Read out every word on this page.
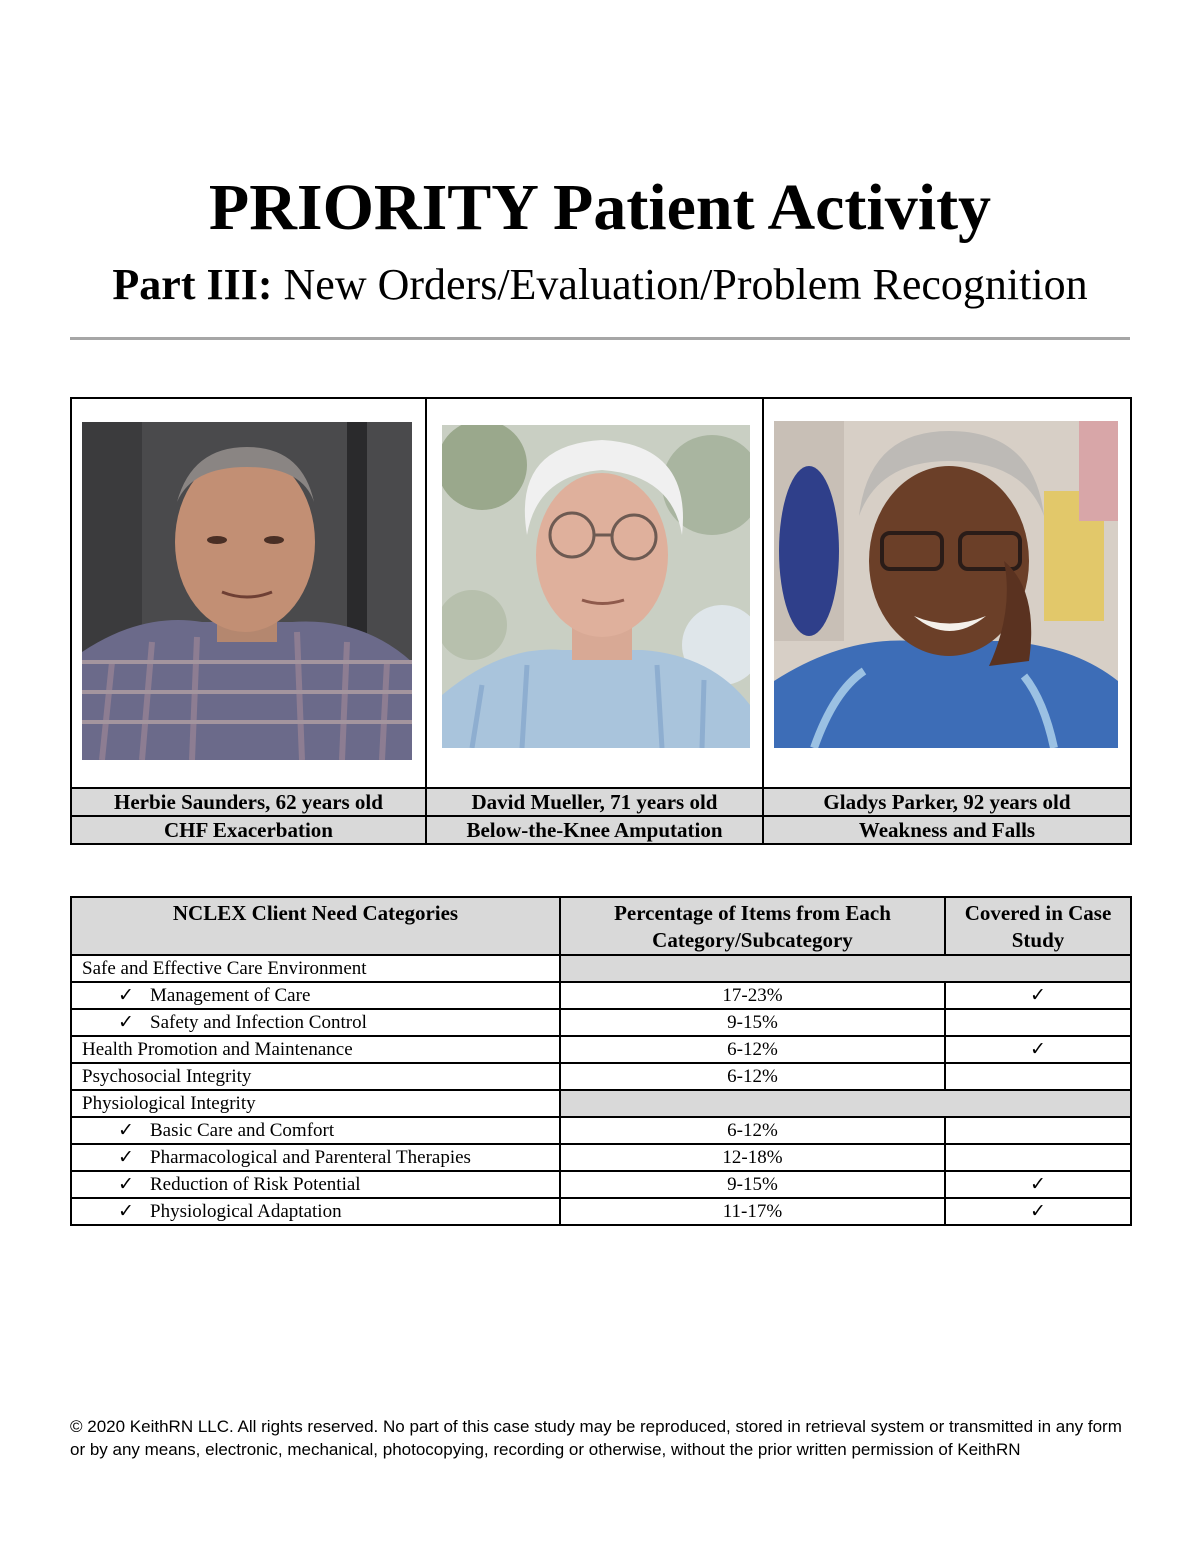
PRIORITY Patient Activity
Part III: New Orders/Evaluation/Problem Recognition

Herbie Saunders, 62 years old	David Mueller, 71 years old	Gladys Parker, 92 years old
CHF Exacerbation	Below-the-Knee Amputation	Weakness and Falls
NCLEX Client Need Categories	Percentage of Items from Each Category/Subcategory	Covered in Case Study
Safe and Effective Care Environment		
✓ Management of Care	17-23%	✓
✓ Safety and Infection Control	9-15%	
Health Promotion and Maintenance	6-12%	✓
Psychosocial Integrity	6-12%	
Physiological Integrity		
✓ Basic Care and Comfort	6-12%	
✓ Pharmacological and Parenteral Therapies	12-18%	
✓ Reduction of Risk Potential	9-15%	✓
✓ Physiological Adaptation	11-17%	✓
© 2020 KeithRN LLC. All rights reserved. No part of this case study may be reproduced, stored in retrieval system or transmitted in any form or by any means, electronic, mechanical, photocopying, recording or otherwise, without the prior written permission of KeithRN
